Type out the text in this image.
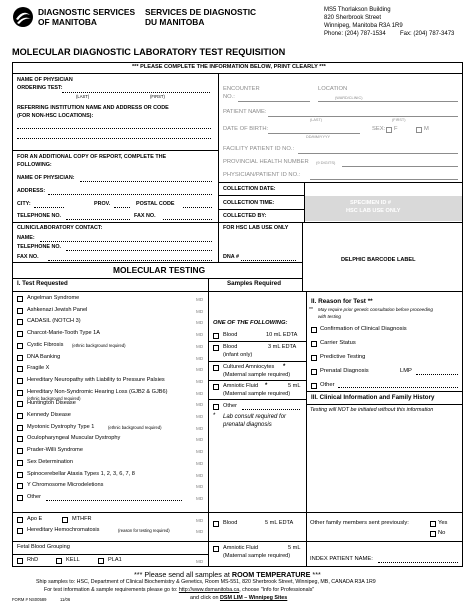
DIAGNOSTIC SERVICES
OF MANITOBA
SERVICES DE DIAGNOSTIC
DU MANITOBA
MS5 Thorlakson Building
820 Sherbrook Street
Winnipeg, Manitoba R3A 1R9
Phone: (204) 787-1534 Fax: (204) 787-3473
MOLECULAR DIAGNOSTIC LABORATORY TEST REQUISITION
*** PLEASE COMPLETE THE INFORMATION BELOW, PRINT CLEARLY ***
NAME OF PHYSICIAN
ORDERING TEST:
(LAST)	(FIRST)
REFERRING INSTITUTION NAME AND ADDRESS OR CODE
(FOR NON-HSC LOCATIONS):
ENCOUNTER
NO.:
LOCATION
(WARD/CLINIC)
PATIENT NAME:
(LAST)	(FIRST)
DATE OF BIRTH:
DD/MM/YYYY
SEX: F	M
FACILITY PATIENT ID NO.:
PROVINCIAL HEALTH NUMBER (9 DIGITS)
PHYSICIAN/PATIENT ID NO.:
FOR AN ADDITIONAL COPY OF REPORT, COMPLETE THE
FOLLOWING:
NAME OF PHYSICIAN:
ADDRESS:
CITY:	PROV.	POSTAL CODE
TELEPHONE NO.	FAX NO.
COLLECTION DATE:
COLLECTION TIME:
COLLECTED BY:
SPECIMEN ID #
HSC LAB USE ONLY
CLINIC/LABORATORY CONTACT:
NAME:
TELEPHONE NO.
FAX NO.
FOR HSC LAB USE ONLY
DNA #	DELPHIC BARCODE LABEL
MOLECULAR TESTING
I. Test Requested	Samples Required
Angelman Syndrome	MD
Ashkenazi Jewish Panel	MD
CADASIL (NOTCH 3)	MD
Charcot-Marie-Tooth Type 1A	MD
Cystic Fibrosis (ethnic background required)	MD
DNA Banking	MD
Fragile X	MD
Hereditary Neuropathy with Liability to Pressure Palsies	MD
Hereditary Non-Syndromic Hearing Loss (GJB2 & GJB6)
(ethnic background required)
MD
Huntington Disease	MD
Kennedy Disease	MD
Myotonic Dystrophy Type 1	(ethnic background required)	MD
Oculopharyngeal Muscular Dystrophy	MD
Prader-Willi Syndrome	MD
Sex Determination	MD
Spinocerebellar Ataxia Types 1, 2, 3, 6, 7, 8	MD
Y Chromosome Microdeletions	MD
Other	MD
Apo E	MTHFR	MD
Hereditary Hemochromatosis	(reason for testing required)	MD
Fetal Blood Grouping
RhD	KELL	PLA1	MD
ONE OF THE FOLLOWING:
Blood	10 mL EDTA
Blood	3 mL EDTA
(infant only)
Cultured Amniocytes *
(Maternal sample required)
Amniotic Fluid *	5 mL
(Maternal sample required)
Other
* Lab consult required for
prenatal diagnosis
Blood	5 mL EDTA
Amniotic Fluid	5 mL
(Maternal sample required)
II. Reason for Test **
** May require prior genetic consultation before proceeding
with testing
Confirmation of Clinical Diagnosis
Carrier Status
Predictive Testing
Prenatal Diagnosis
Other
LMP
III. Clinical Information and Family History
Testing will NOT be initiated without this information
Other family members sent previously:	Yes
No
INDEX PATIENT NAME:
*** Please send all samples at ROOM TEMPERATURE ***
Ship samples to: HSC, Department of Clinical Biochemistry & Genetics, Room MS-551, 820 Sherbrook Street, Winnipeg, MB, CANADA R3A 1R9
For test information & sample requirements please go to: http://www.dsmanitoba.ca, choose "Info for Professionals"
FORM # NS00589	11/06	and click on DSM LIM – Winnipeg Sites
